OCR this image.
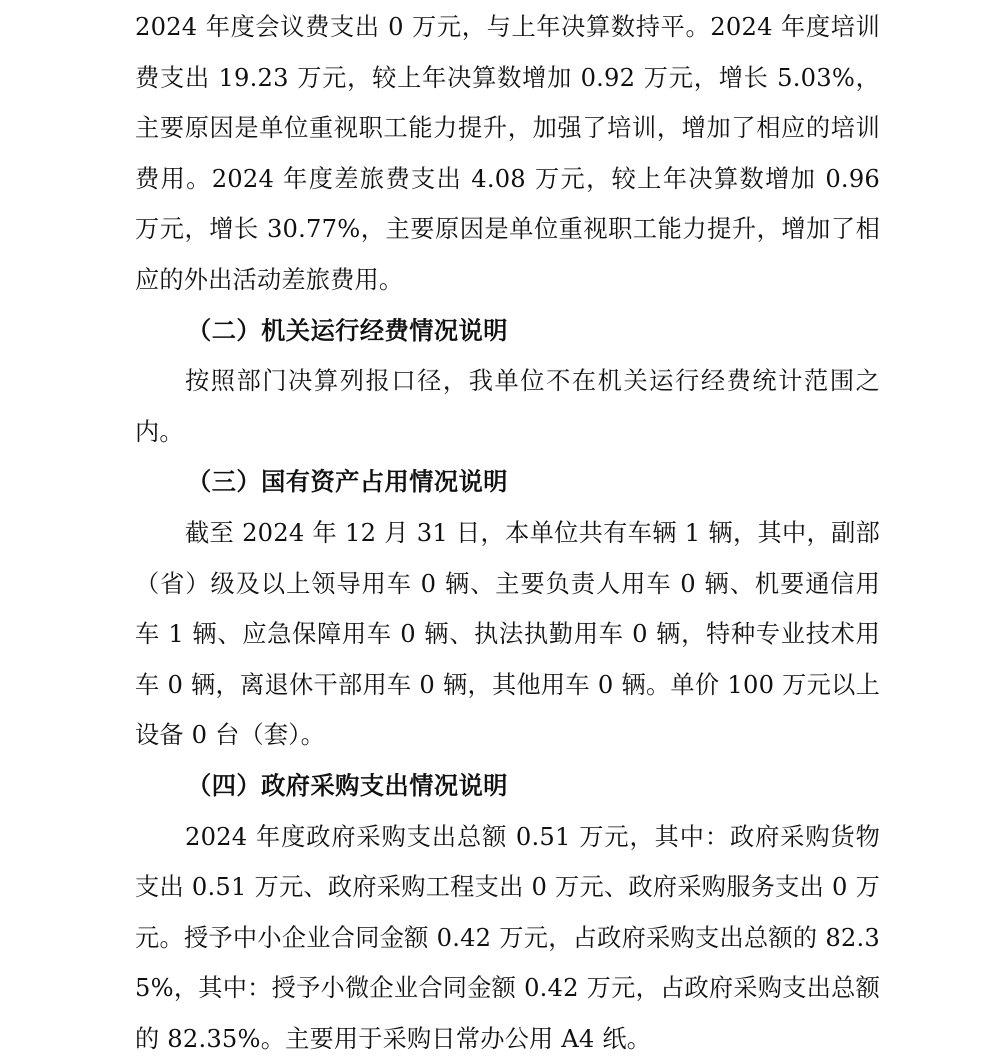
2024 年度会议费支出 0 万元，与上年决算数持平。2024 年度培训费支出 19.23 万元，较上年决算数增加 0.92 万元，增长 5.03%，主要原因是单位重视职工能力提升，加强了培训，增加了相应的培训费用。2024 年度差旅费支出 4.08 万元，较上年决算数增加 0.96 万元，增长 30.77%，主要原因是单位重视职工能力提升，增加了相应的外出活动差旅费用。

（二）机关运行经费情况说明

按照部门决算列报口径，我单位不在机关运行经费统计范围之内。

（三）国有资产占用情况说明

截至 2024 年 12 月 31 日，本单位共有车辆 1 辆，其中，副部（省）级及以上领导用车 0 辆、主要负责人用车 0 辆、机要通信用车 1 辆、应急保障用车 0 辆、执法执勤用车 0 辆，特种专业技术用车 0 辆，离退休干部用车 0 辆，其他用车 0 辆。单价 100 万元以上设备 0 台（套）。

（四）政府采购支出情况说明

2024 年度政府采购支出总额 0.51 万元，其中：政府采购货物支出 0.51 万元、政府采购工程支出 0 万元、政府采购服务支出 0 万元。授予中小企业合同金额 0.42 万元，占政府采购支出总额的 82.35%，其中：授予小微企业合同金额 0.42 万元，占政府采购支出总额的 82.35%。主要用于采购日常办公用 A4 纸。
